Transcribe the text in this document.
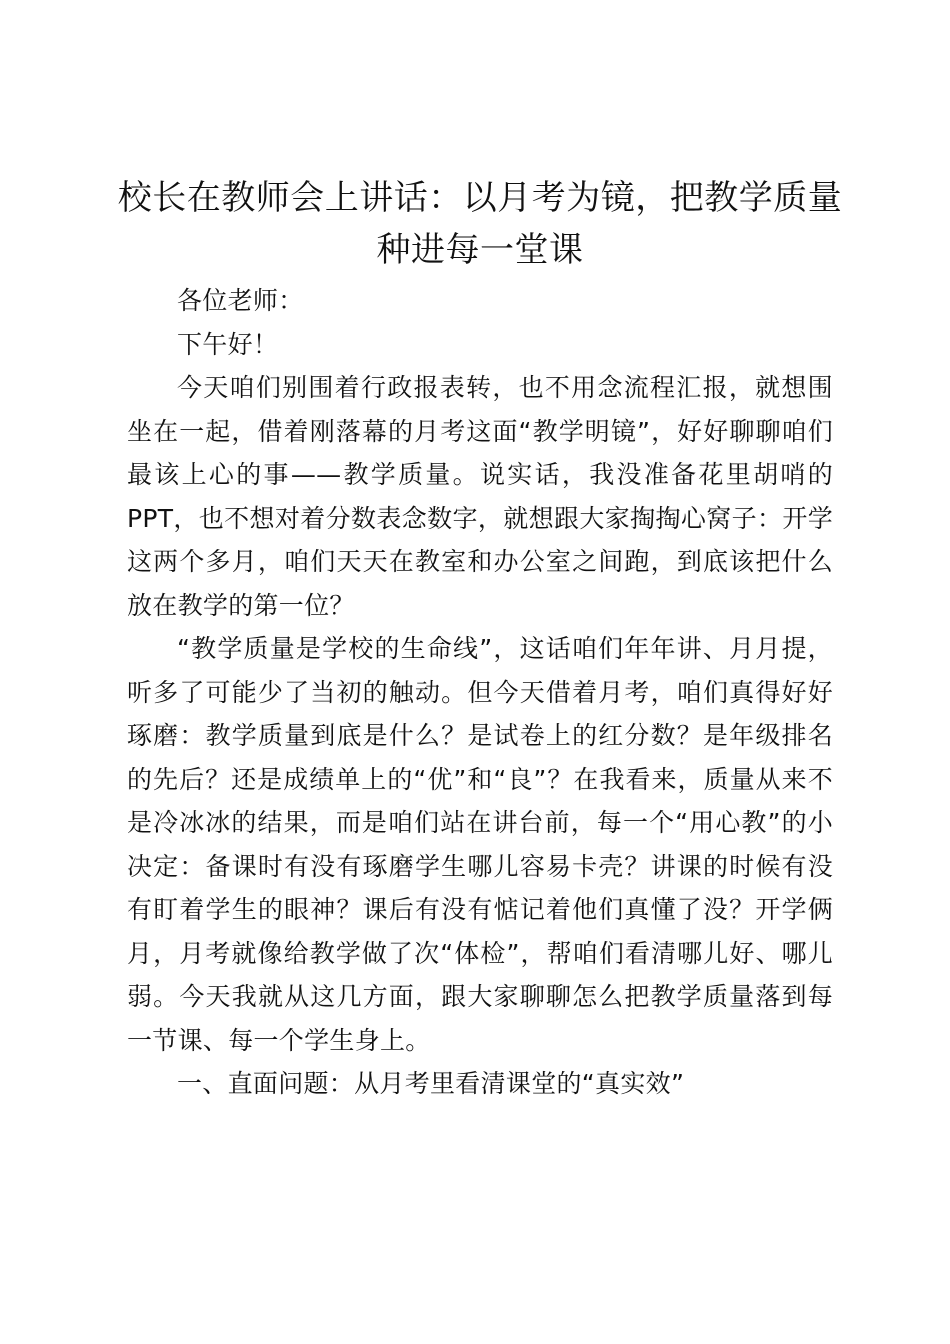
校长在教师会上讲话：以月考为镜，把教学质量种进每一堂课

各位老师：

下午好！

今天咱们别围着行政报表转，也不用念流程汇报，就想围坐在一起，借着刚落幕的月考这面“教学明镜”，好好聊聊咱们最该上心的事——教学质量。说实话，我没准备花里胡哨的PPT，也不想对着分数表念数字，就想跟大家掏掏心窝子：开学这两个多月，咱们天天在教室和办公室之间跑，到底该把什么放在教学的第一位？

“教学质量是学校的生命线”，这话咱们年年讲、月月提，听多了可能少了当初的触动。但今天借着月考，咱们真得好好琢磨：教学质量到底是什么？是试卷上的红分数？是年级排名的先后？还是成绩单上的“优”和“良”？在我看来，质量从来不是冷冰冰的结果，而是咱们站在讲台前，每一个“用心教”的小决定：备课时有没有琢磨学生哪儿容易卡壳？讲课的时候有没有盯着学生的眼神？课后有没有惦记着他们真懂了没？开学俩月，月考就像给教学做了次“体检”，帮咱们看清哪儿好、哪儿弱。今天我就从这几方面，跟大家聊聊怎么把教学质量落到每一节课、每一个学生身上。

一、直面问题：从月考里看清课堂的“真实效”
